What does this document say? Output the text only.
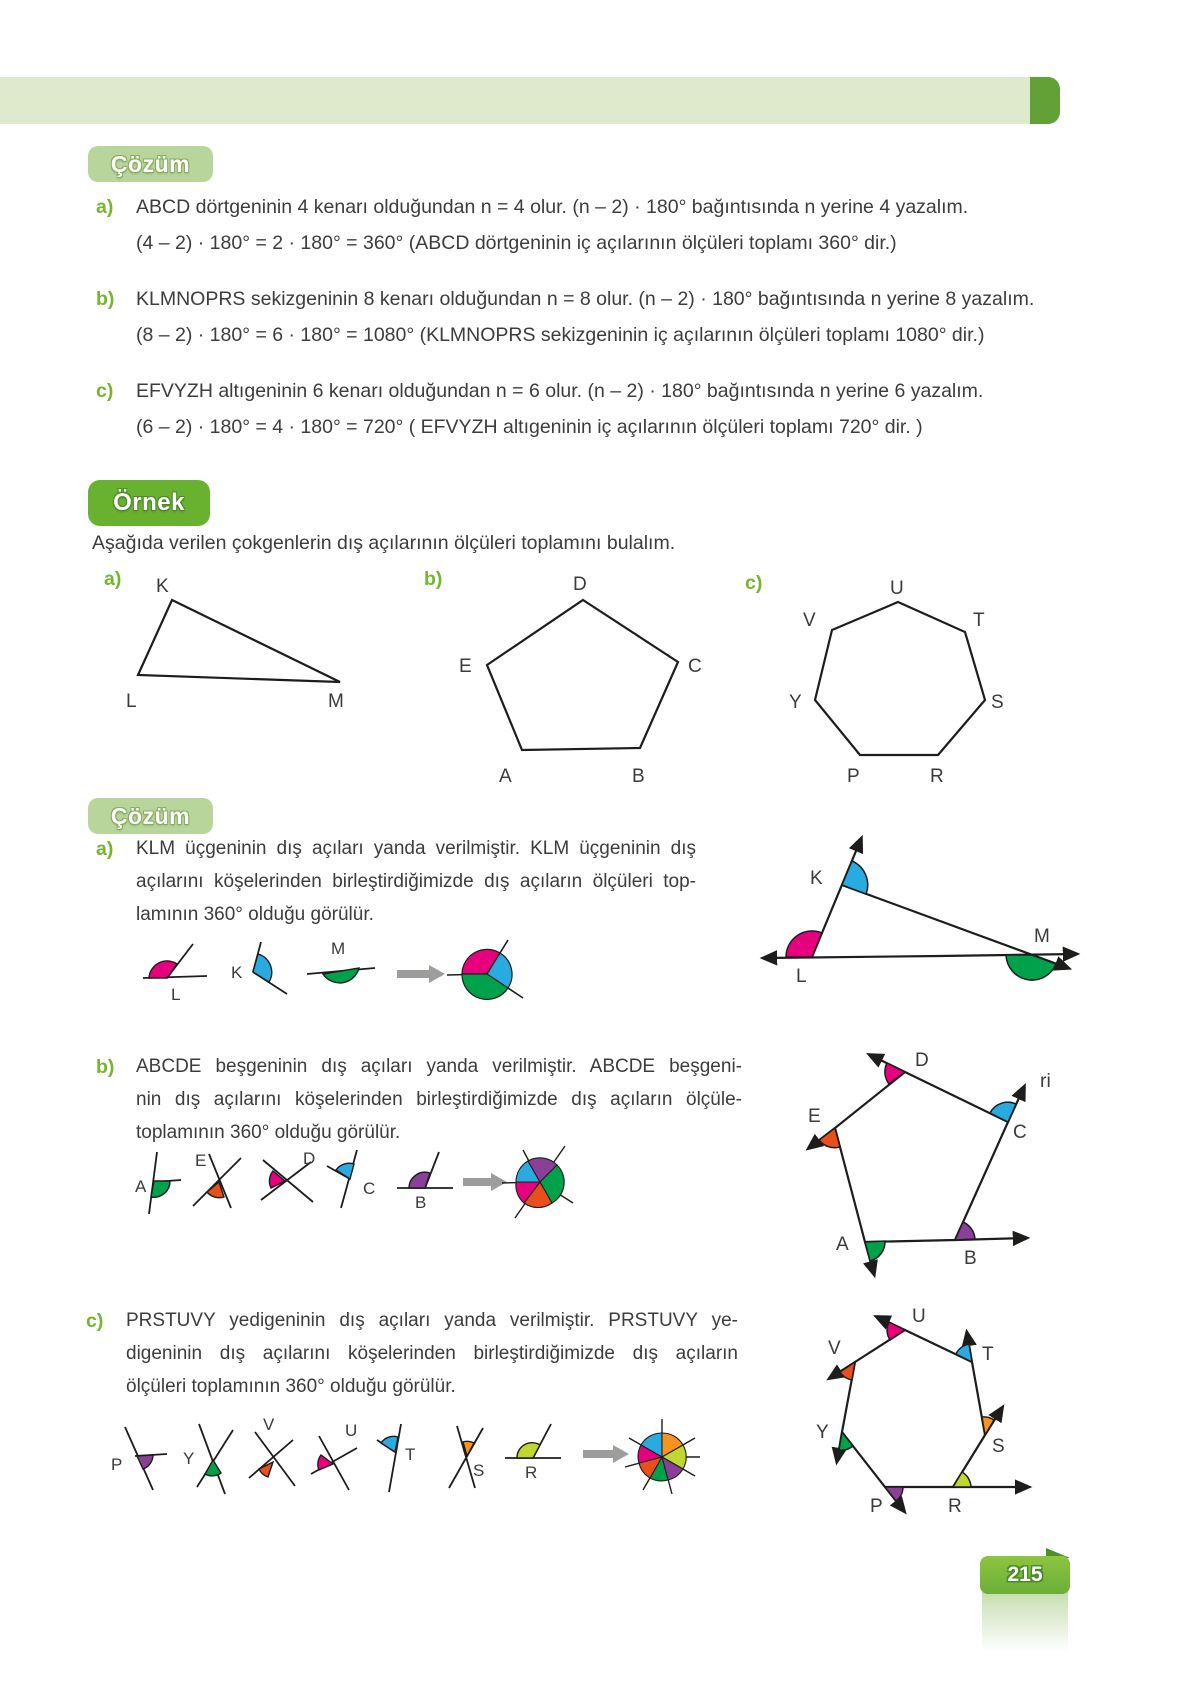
Çözüm
a) ABCD dörtgeninin 4 kenarı olduğundan n = 4 olur. (n – 2) · 180° bağıntısında n yerine 4 yazalım.
(4 – 2) · 180° = 2 · 180° = 360° (ABCD dörtgeninin iç açılarının ölçüleri toplamı 360° dir.)
b) KLMNOPRS sekizgeninin 8 kenarı olduğundan n = 8 olur. (n – 2) · 180° bağıntısında n yerine 8 yazalım.
(8 – 2) · 180° = 6 · 180° = 1080° (KLMNOPRS sekizgeninin iç açılarının ölçüleri toplamı 1080° dir.)
c) EFVYZH altıgeninin 6 kenarı olduğundan n = 6 olur. (n – 2) · 180° bağıntısında n yerine 6 yazalım.
(6 – 2) · 180° = 4 · 180° = 720° ( EFVYZH altıgeninin iç açılarının ölçüleri toplamı 720° dir. )
Örnek
Aşağıda verilen çokgenlerin dış açılarının ölçüleri toplamını bulalım.
a) K
L	M
b)	D
E	C
A	B
c)	U
V	T
Y	S
P	R
Çözüm
a) KLM üçgeninin dış açıları yanda verilmiştir. KLM üçgeninin dış
açılarını köşelerinden birleştirdiğimizde dış açıların ölçüleri top-
lamının 360° olduğu görülür.
L
K
M
K
L
M
b) ABCDE beşgeninin dış açıları yanda verilmiştir. ABCDE beşgeni-
nin dış açılarını köşelerinden birleştirdiğimizde dış açıların ölçüle-
toplamının 360° olduğu görülür.
ri
A
E	D
C
B
D
E
C
A
B
c) PRSTUVY yedigeninin dış açıları yanda verilmiştir. PRSTUVY ye-
digeninin dış açılarını köşelerinden birleştirdiğimizde dış açıların
ölçüleri toplamının 360° olduğu görülür.
P	Y
V	U
T
S R
U
V	T
Y
S
P	R
215
